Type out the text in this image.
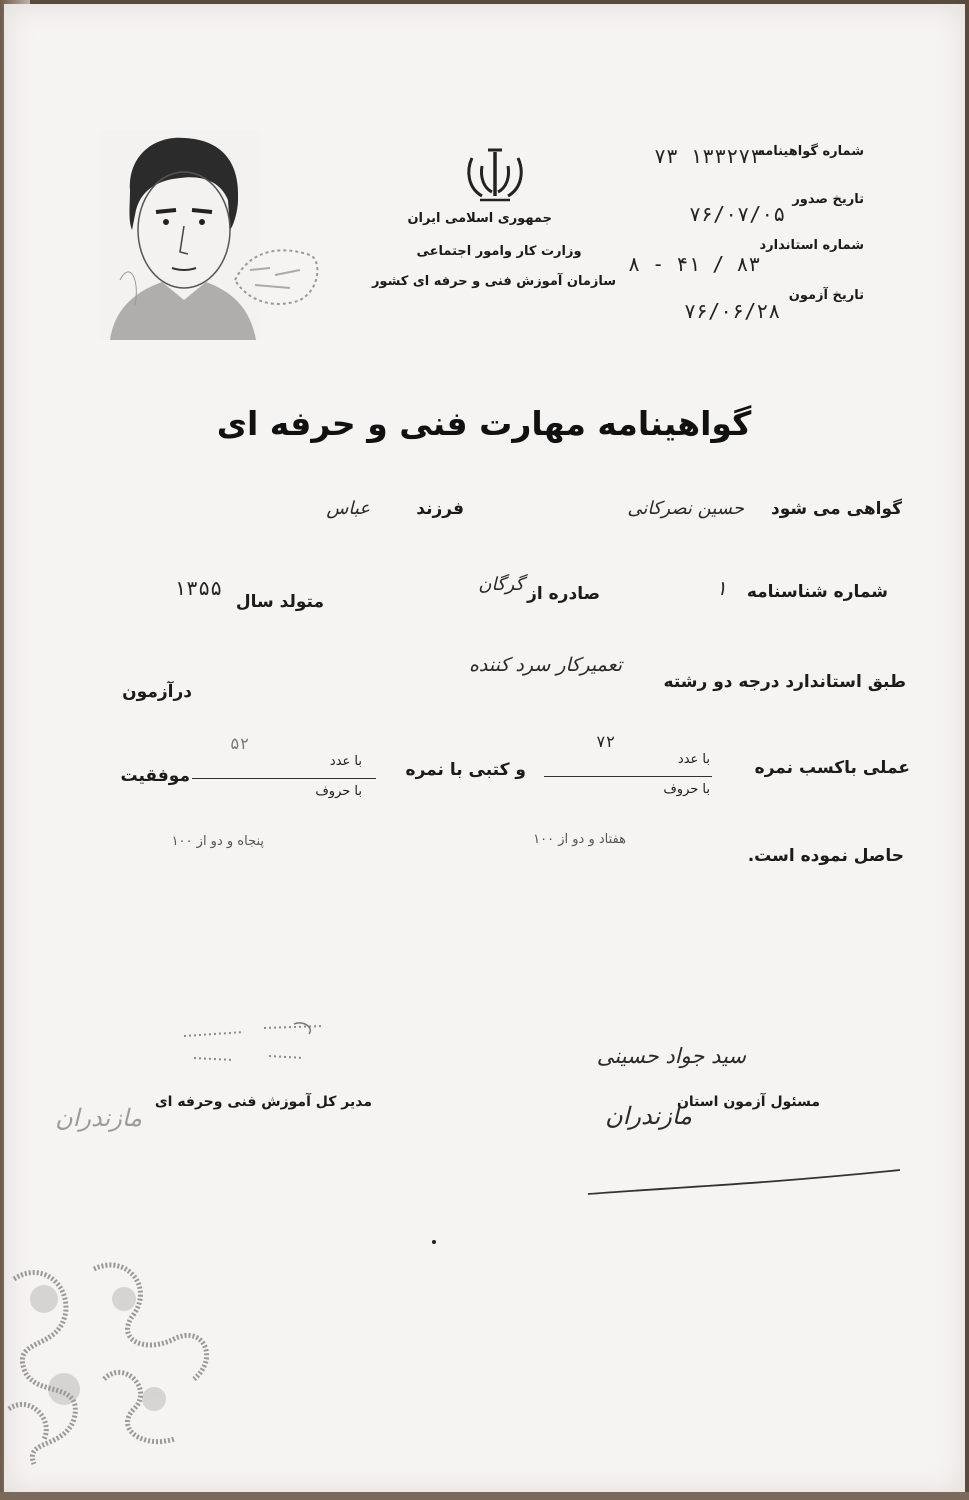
جمهوری اسلامی ایران
وزارت کار وامور اجتماعی
سازمان آموزش فنی و حرفه ای کشور
شماره گواهینامه
۷۳ ۱۳۳۲۷۳
تاریخ صدور
۷۶/۰۷/۰۵
شماره استاندارد
۸ - ۴۱ / ۸۳
تاریخ آزمون
۷۶/۰۶/۲۸
گواهینامه مهارت فنی و حرفه ای
گواهی می شود
حسین نصرکانی
فرزند
عباس
شماره شناسنامه
۱
صادره از
گرگان
متولد سال
۱۳۵۵
طبق استاندارد درجه دو رشته
تعمیرکار سرد کننده
درآزمون
عملی باکسب نمره
با عدد
۷۲
با حروف
و کتبی با نمره
با عدد
۵۲
با حروف
موفقیت
هفتاد و دو از ۱۰۰
پنجاه و دو از ۱۰۰
حاصل نموده است.
مدیر کل آموزش فنی وحرفه ای
مازندران
سید جواد حسینی
مسئول آزمون استان
مازندران
